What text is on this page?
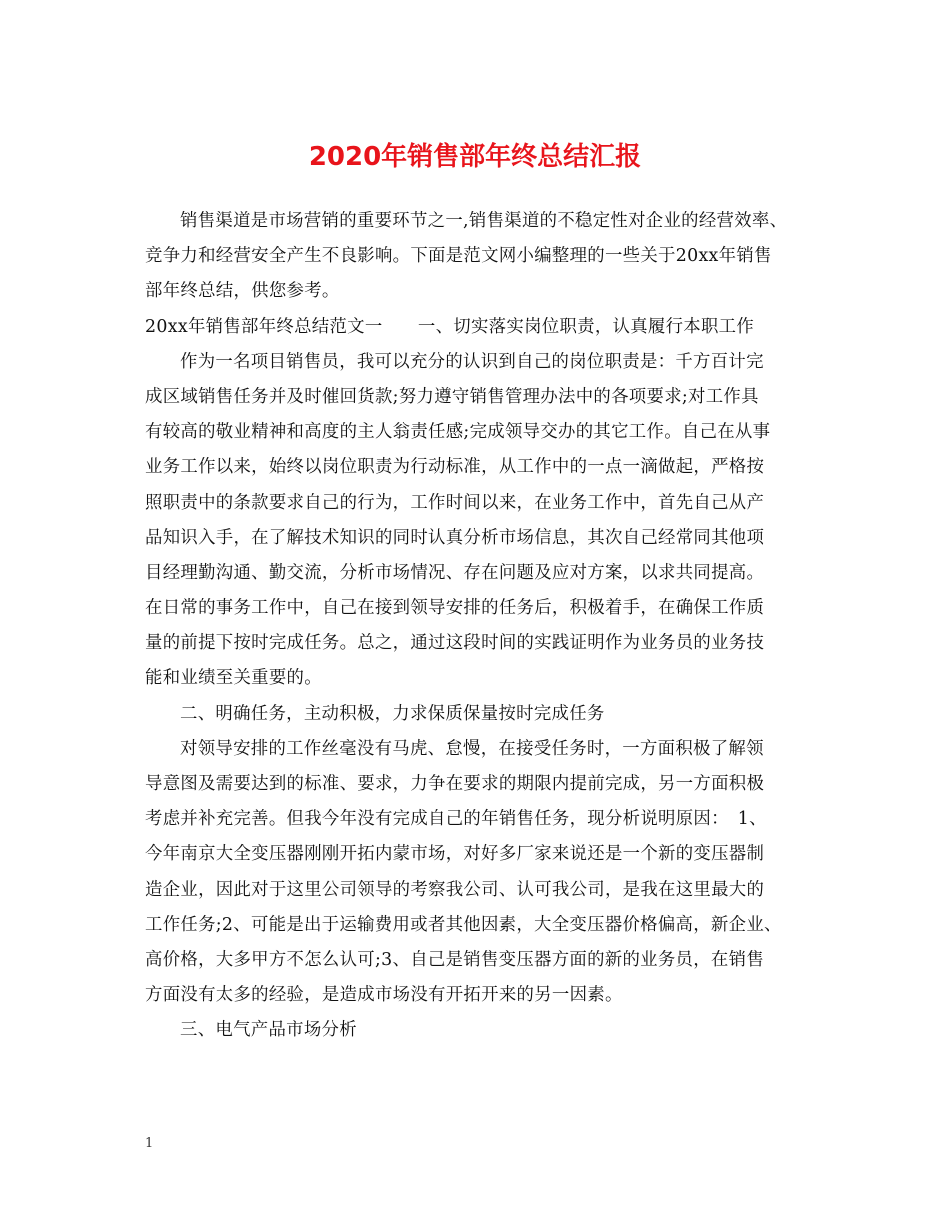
2020年销售部年终总结汇报
销售渠道是市场营销的重要环节之一,销售渠道的不稳定性对企业的经营效率、
竞争力和经营安全产生不良影响。下面是范文网小编整理的一些关于20xx年销售
部年终总结，供您参考。
20xx年销售部年终总结范文一　　一、切实落实岗位职责，认真履行本职工作
作为一名项目销售员，我可以充分的认识到自己的岗位职责是：千方百计完
成区域销售任务并及时催回货款;努力遵守销售管理办法中的各项要求;对工作具
有较高的敬业精神和高度的主人翁责任感;完成领导交办的其它工作。自己在从事
业务工作以来，始终以岗位职责为行动标准，从工作中的一点一滴做起，严格按
照职责中的条款要求自己的行为，工作时间以来，在业务工作中，首先自己从产
品知识入手，在了解技术知识的同时认真分析市场信息，其次自己经常同其他项
目经理勤沟通、勤交流，分析市场情况、存在问题及应对方案，以求共同提高。
在日常的事务工作中，自己在接到领导安排的任务后，积极着手，在确保工作质
量的前提下按时完成任务。总之，通过这段时间的实践证明作为业务员的业务技
能和业绩至关重要的。
二、明确任务，主动积极，力求保质保量按时完成任务
对领导安排的工作丝毫没有马虎、怠慢，在接受任务时，一方面积极了解领
导意图及需要达到的标准、要求，力争在要求的期限内提前完成，另一方面积极
考虑并补充完善。但我今年没有完成自己的年销售任务，现分析说明原因：　1、
今年南京大全变压器刚刚开拓内蒙市场，对好多厂家来说还是一个新的变压器制
造企业，因此对于这里公司领导的考察我公司、认可我公司，是我在这里最大的
工作任务;2、可能是出于运输费用或者其他因素，大全变压器价格偏高，新企业、
高价格，大多甲方不怎么认可;3、自己是销售变压器方面的新的业务员，在销售
方面没有太多的经验，是造成市场没有开拓开来的另一因素。
三、电气产品市场分析
1
